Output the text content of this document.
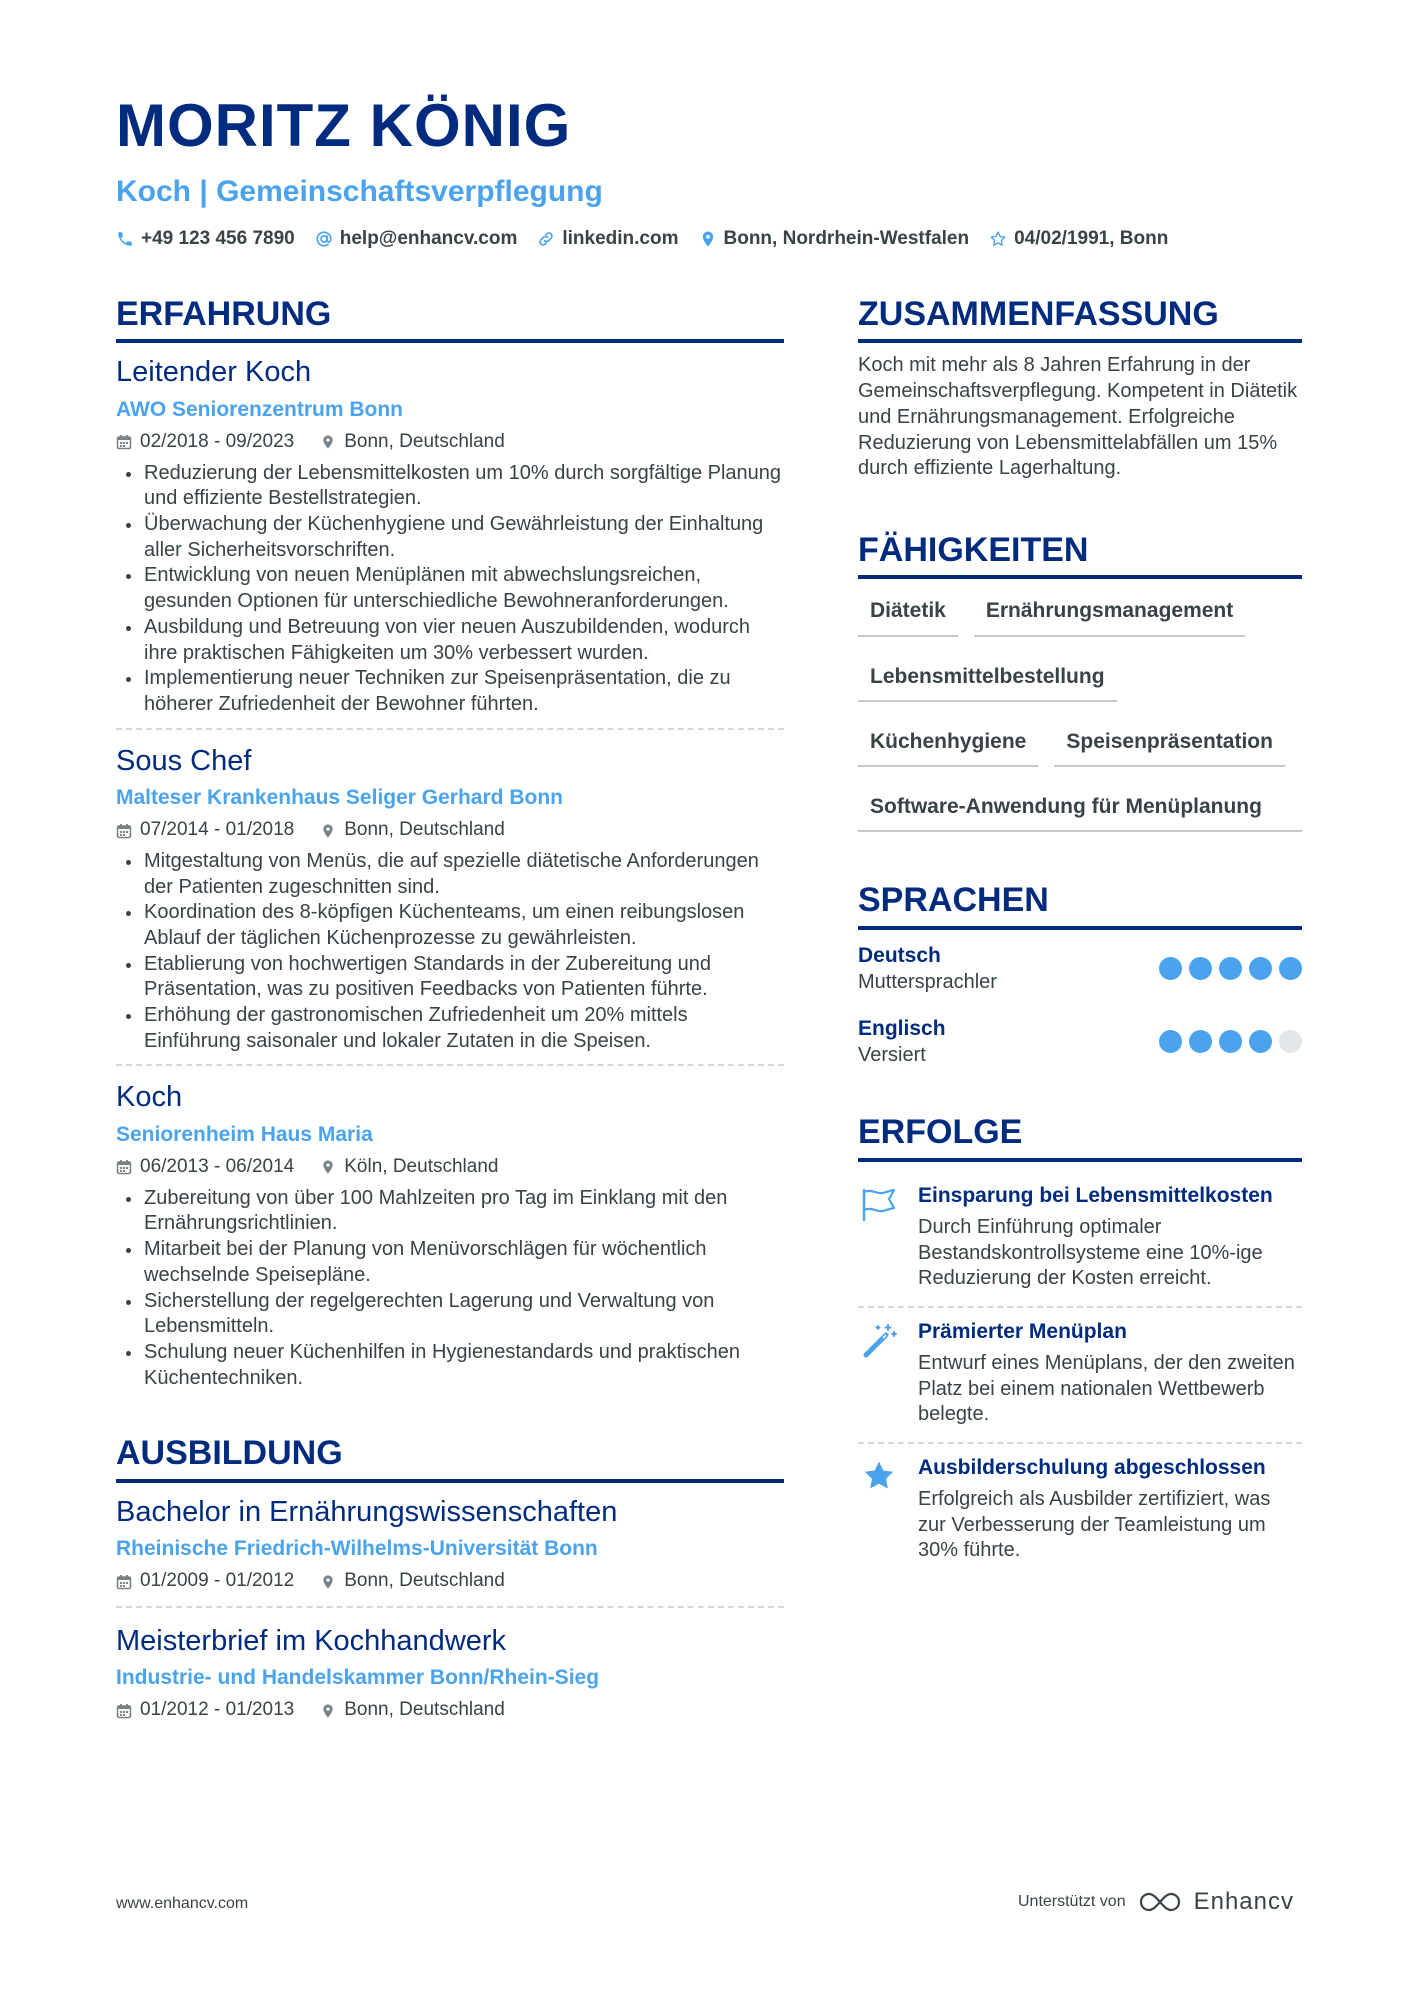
MORITZ KÖNIG
Koch | Gemeinschaftsverpflegung
+49 123 456 7890 help@enhancv.com linkedin.com Bonn, Nordrhein-Westfalen 04/02/1991, Bonn
ERFAHRUNG
Leitender Koch
AWO Seniorenzentrum Bonn
02/2018 - 09/2023	Bonn, Deutschland
Reduzierung der Lebensmittelkosten um 10% durch sorgfältige Planung und effiziente Bestellstrategien.
Überwachung der Küchenhygiene und Gewährleistung der Einhaltung aller Sicherheitsvorschriften.
Entwicklung von neuen Menüplänen mit abwechslungsreichen, gesunden Optionen für unterschiedliche Bewohneranforderungen.
Ausbildung und Betreuung von vier neuen Auszubildenden, wodurch ihre praktischen Fähigkeiten um 30% verbessert wurden.
Implementierung neuer Techniken zur Speisenpräsentation, die zu höherer Zufriedenheit der Bewohner führten.
Sous Chef
Malteser Krankenhaus Seliger Gerhard Bonn
07/2014 - 01/2018	Bonn, Deutschland
Mitgestaltung von Menüs, die auf spezielle diätetische Anforderungen der Patienten zugeschnitten sind.
Koordination des 8-köpfigen Küchenteams, um einen reibungslosen Ablauf der täglichen Küchenprozesse zu gewährleisten.
Etablierung von hochwertigen Standards in der Zubereitung und Präsentation, was zu positiven Feedbacks von Patienten führte.
Erhöhung der gastronomischen Zufriedenheit um 20% mittels Einführung saisonaler und lokaler Zutaten in die Speisen.
Koch
Seniorenheim Haus Maria
06/2013 - 06/2014	Köln, Deutschland
Zubereitung von über 100 Mahlzeiten pro Tag im Einklang mit den Ernährungsrichtlinien.
Mitarbeit bei der Planung von Menüvorschlägen für wöchentlich wechselnde Speisepläne.
Sicherstellung der regelgerechten Lagerung und Verwaltung von Lebensmitteln.
Schulung neuer Küchenhilfen in Hygienestandards und praktischen Küchentechniken.
AUSBILDUNG
Bachelor in Ernährungswissenschaften
Rheinische Friedrich-Wilhelms-Universität Bonn
01/2009 - 01/2012	Bonn, Deutschland
Meisterbrief im Kochhandwerk
Industrie- und Handelskammer Bonn/Rhein-Sieg
01/2012 - 01/2013	Bonn, Deutschland
ZUSAMMENFASSUNG
Koch mit mehr als 8 Jahren Erfahrung in der Gemeinschaftsverpflegung. Kompetent in Diätetik und Ernährungsmanagement. Erfolgreiche Reduzierung von Lebensmittelabfällen um 15% durch effiziente Lagerhaltung.
FÄHIGKEITEN
Diätetik	Ernährungsmanagement
Lebensmittelbestellung
Küchenhygiene	Speisenpräsentation
Software-Anwendung für Menüplanung
SPRACHEN
Deutsch
Muttersprachler
Englisch
Versiert
ERFOLGE
Einsparung bei Lebensmittelkosten
Durch Einführung optimaler Bestandskontrollsysteme eine 10%-ige Reduzierung der Kosten erreicht.
Prämierter Menüplan
Entwurf eines Menüplans, der den zweiten Platz bei einem nationalen Wettbewerb belegte.
Ausbilderschulung abgeschlossen
Erfolgreich als Ausbilder zertifiziert, was zur Verbesserung der Teamleistung um 30% führte.
www.enhancv.com	Unterstützt von	Enhancv
